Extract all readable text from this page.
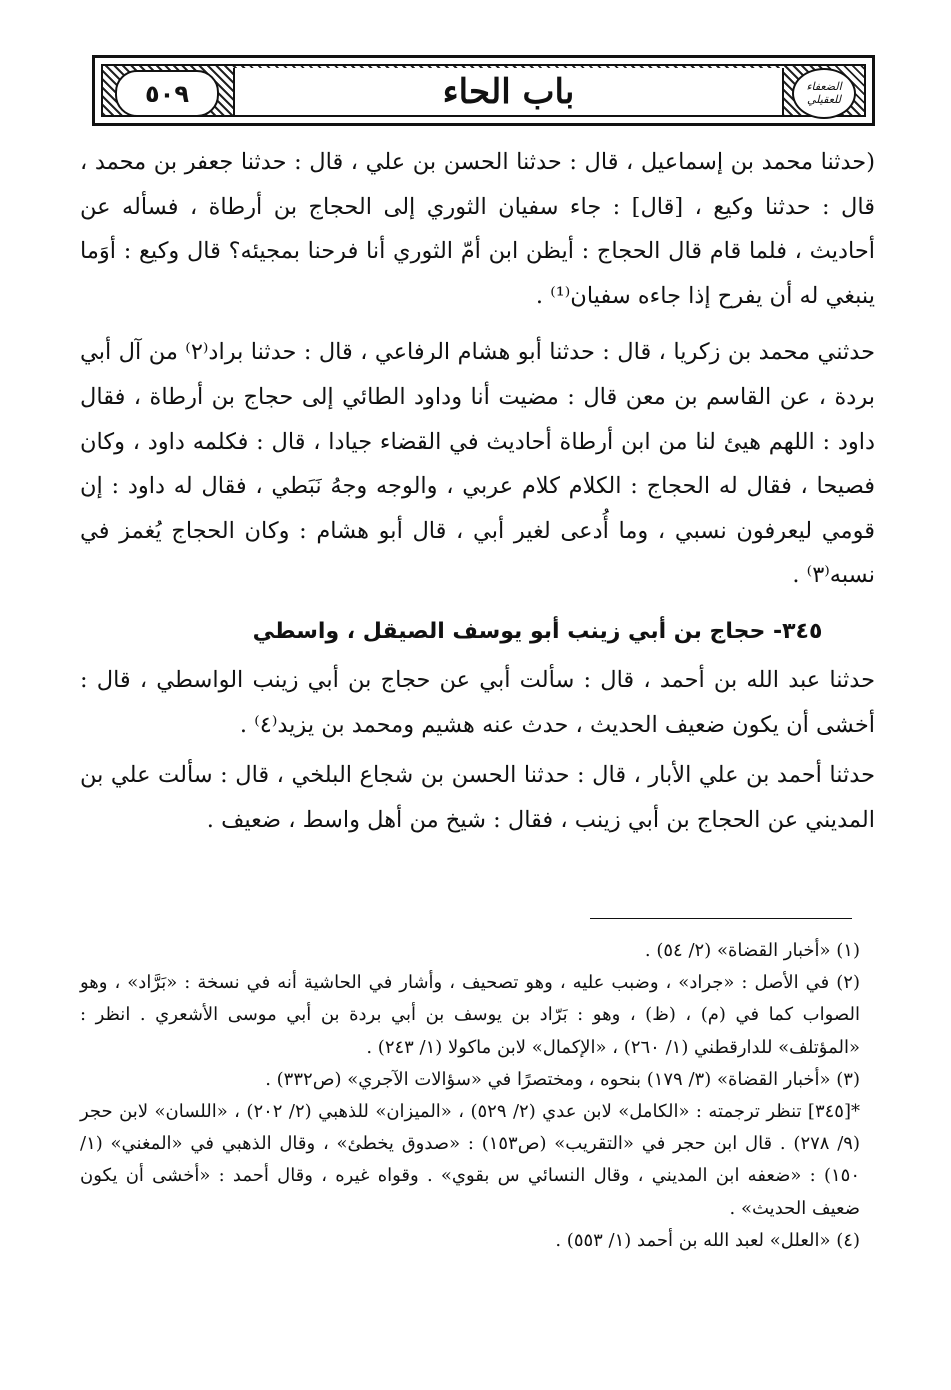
٥٠٩	باب الحاء	الضعفاء
للعقيلي

(حدثنا محمد بن إسماعيل ، قال : حدثنا الحسن بن علي ، قال : حدثنا جعفر بن محمد ، قال : حدثنا وكيع ، [قال] : جاء سفيان الثوري إلى الحجاج بن أرطاة ، فسأله عن أحاديث ، فلما قام قال الحجاج : أيظن ابن أمّ الثوري أنا فرحنا بمجيئه؟ قال وكيع : أوَما ينبغي له أن يفرح إذا جاءه سفيان⁽¹⁾ .

حدثني محمد بن زكريا ، قال : حدثنا أبو هشام الرفاعي ، قال : حدثنا براد⁽٢⁾ من آل أبي بردة ، عن القاسم بن معن قال : مضيت أنا وداود الطائي إلى حجاج بن أرطاة ، فقال داود : اللهم هيئ لنا من ابن أرطاة أحاديث في القضاء جيادا ، قال : فكلمه داود ، وكان فصيحا ، فقال له الحجاج : الكلام كلام عربي ، والوجه وجهُ نَبَطي ، فقال له داود : إن قومي ليعرفون نسبي ، وما أُدعى لغير أبي ، قال أبو هشام : وكان الحجاج يُغمز في نسبه⁽٣⁾ .

٣٤٥- حجاج بن أبي زينب أبو يوسف الصيقل ، واسطي

حدثنا عبد الله بن أحمد ، قال : سألت أبي عن حجاج بن أبي زينب الواسطي ، قال : أخشى أن يكون ضعيف الحديث ، حدث عنه هشيم ومحمد بن يزيد⁽٤⁾ .

حدثنا أحمد بن علي الأبار ، قال : حدثنا الحسن بن شجاع البلخي ، قال : سألت علي بن المديني عن الحجاج بن أبي زينب ، فقال : شيخ من أهل واسط ، ضعيف .

(١) «أخبار القضاة» (٢/ ٥٤) .

(٢) في الأصل : «جراد» ، وضبب عليه ، وهو تصحيف ، وأشار في الحاشية أنه في نسخة : «بَرَّاد» ، وهو الصواب كما في (م) ، (ظ) ، وهو : بَرّاد بن يوسف بن أبي بردة بن أبي موسى الأشعري . انظر : «المؤتلف» للدارقطني (١/ ٢٦٠) ، «الإكمال» لابن ماكولا (١/ ٢٤٣) .

(٣) «أخبار القضاة» (٣/ ١٧٩) بنحوه ، ومختصرًا في «سؤالات الآجري» (ص٣٣٢) .

*[٣٤٥] تنظر ترجمته : «الكامل» لابن عدي (٢/ ٥٢٩) ، «الميزان» للذهبي (٢/ ٢٠٢) ، «اللسان» لابن حجر (٩/ ٢٧٨) . قال ابن حجر في «التقريب» (ص١٥٣) : «صدوق يخطئ» ، وقال الذهبي في «المغني» (١/ ١٥٠) : «ضعفه ابن المديني ، وقال النسائي س بقوي» . وقواه غيره ، وقال أحمد : «أخشى أن يكون ضعيف الحديث» .

(٤) «العلل» لعبد الله بن أحمد (١/ ٥٥٣) .
